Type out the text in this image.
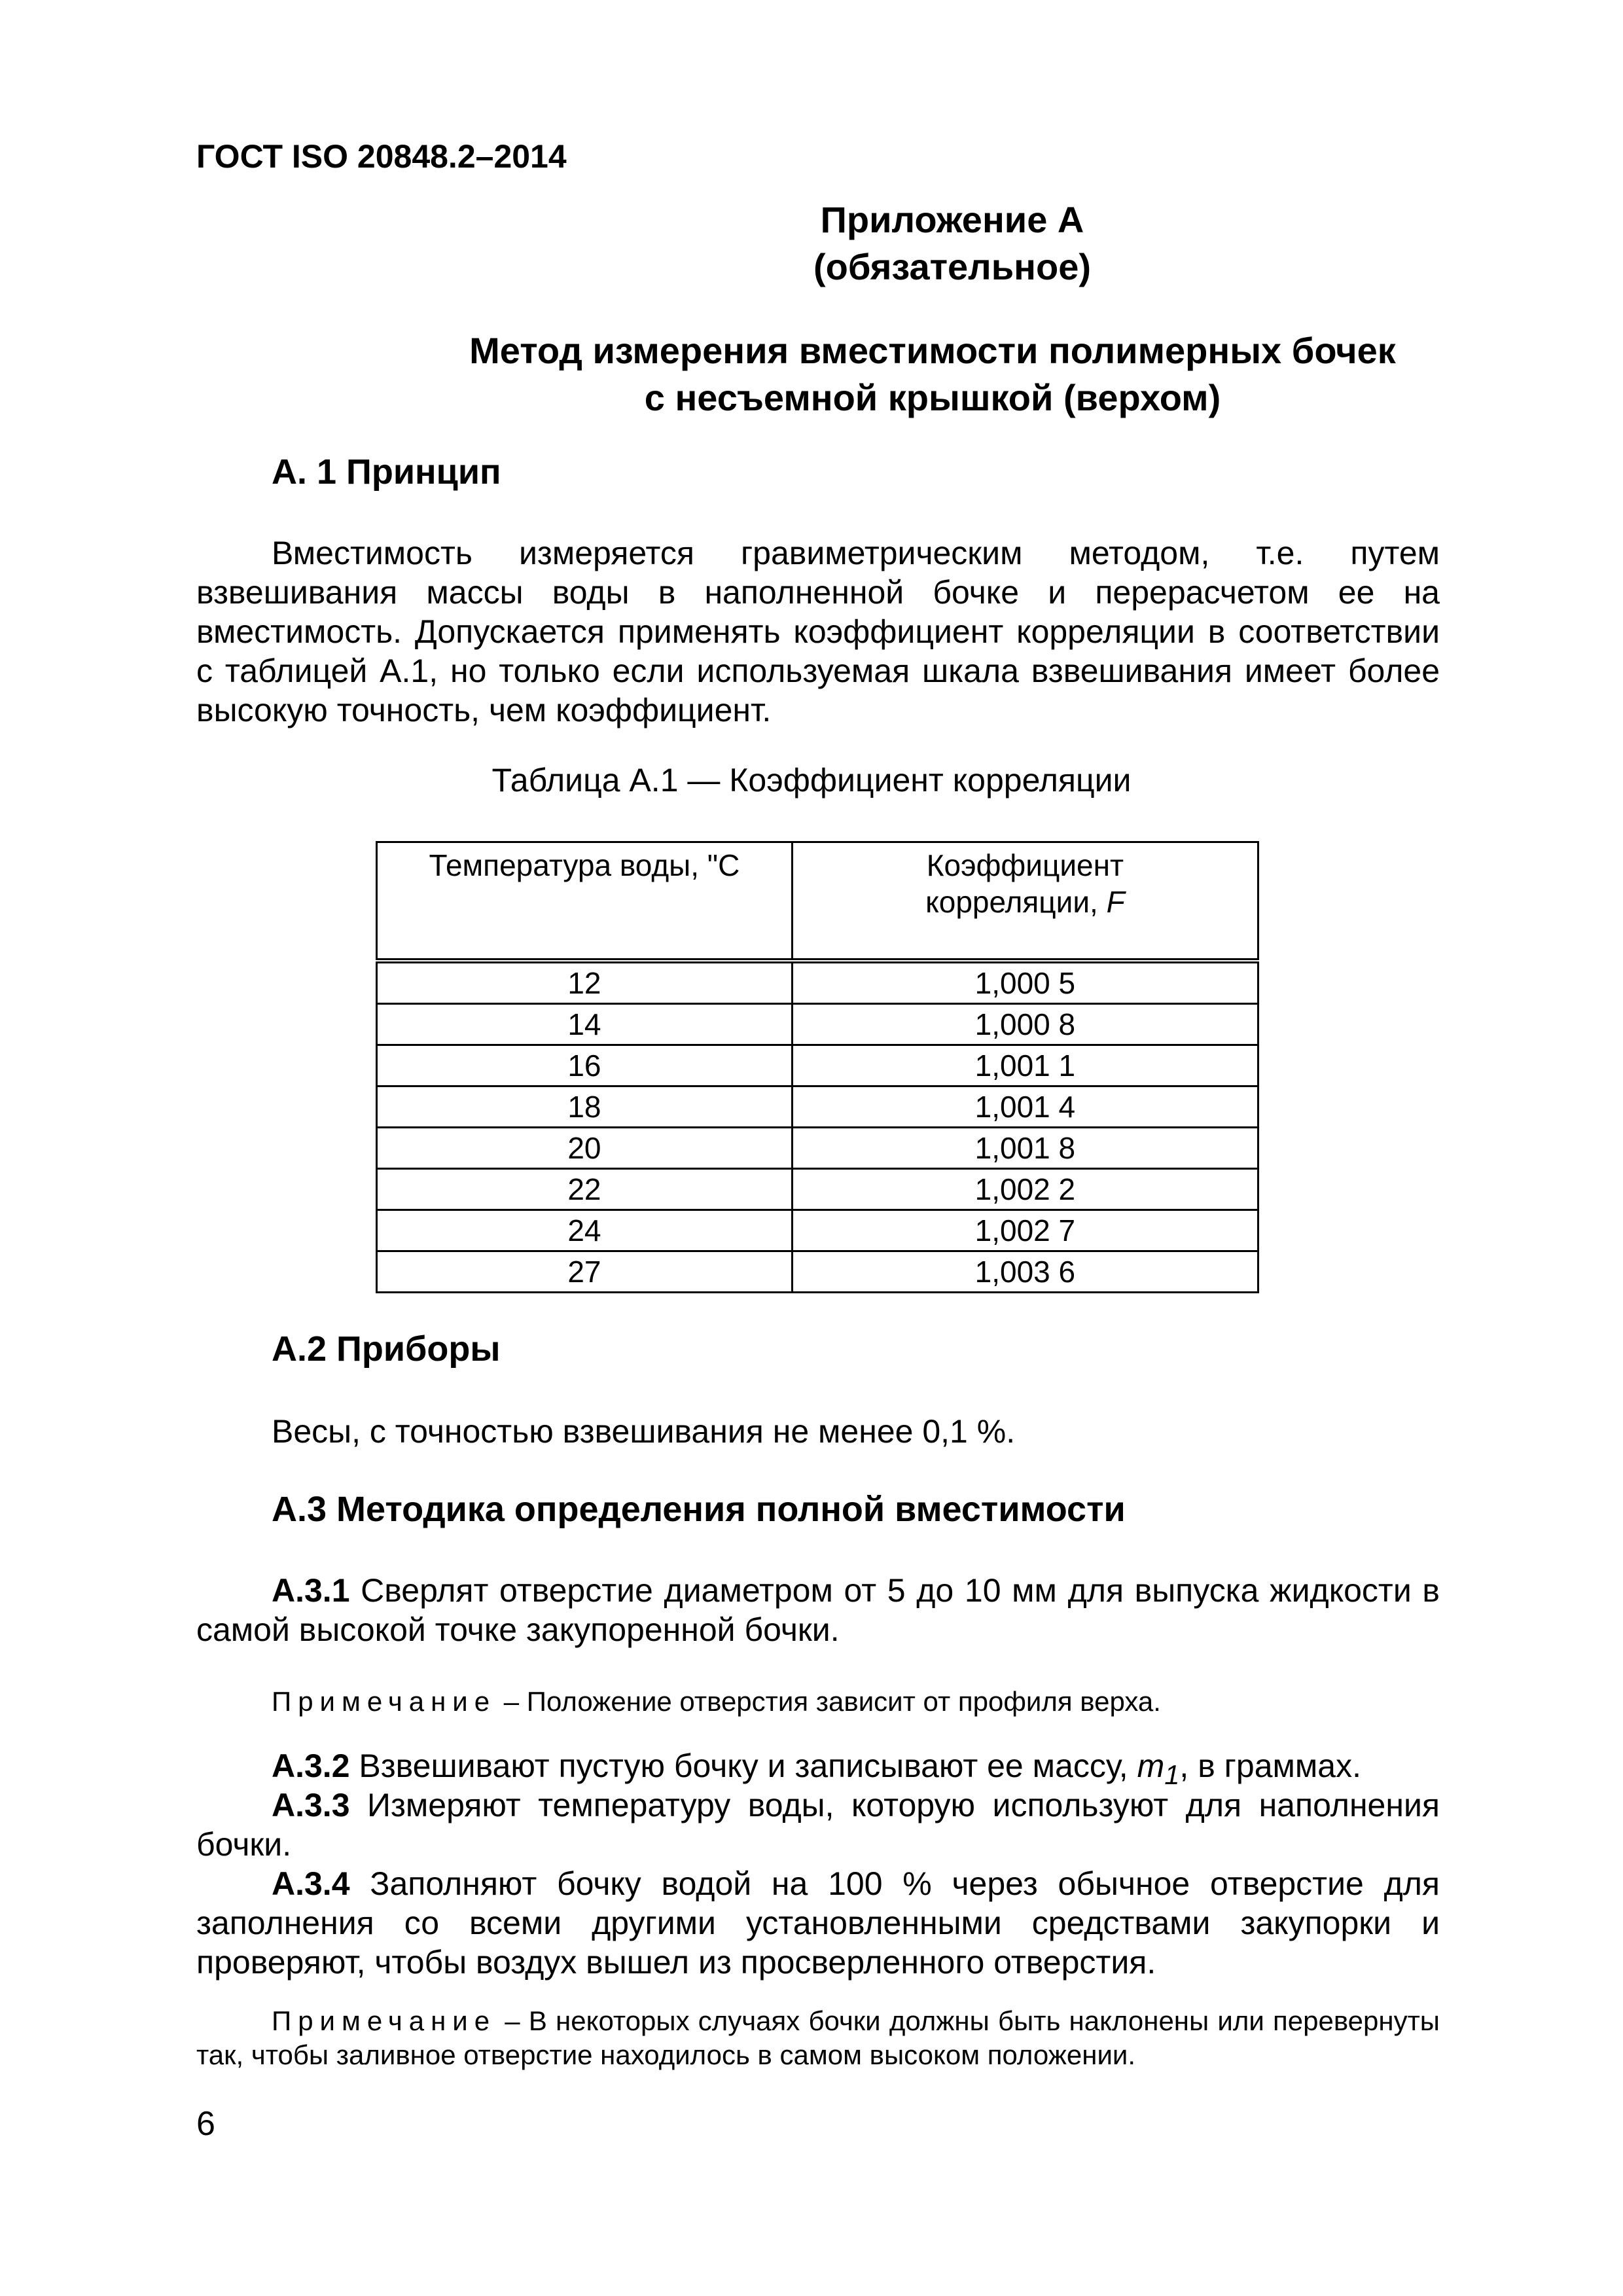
ГОСТ ISO 20848.2–2014
Приложение А
(обязательное)
Метод измерения вместимости полимерных бочек
с несъемной крышкой (верхом)
А. 1 Принцип
Вместимость измеряется гравиметрическим методом, т.е. путем взвешивания массы воды в наполненной бочке и перерасчетом ее на вместимость. Допускается применять коэффициент корреляции в соответствии с таблицей А.1, но только если используемая шкала взвешивания имеет более высокую точность, чем коэффициент.
Таблица А.1 — Коэффициент корреляции
Температура воды, "С	Коэффициент
корреляции, F

12	1,000 5
14	1,000 8
16	1,001 1
18	1,001 4
20	1,001 8
22	1,002 2
24	1,002 7
27	1,003 6
А.2 Приборы
Весы, с точностью взвешивания не менее 0,1 %.
А.3 Методика определения полной вместимости
А.3.1 Сверлят отверстие диаметром от 5 до 10 мм для выпуска жидкости в самой высокой точке закупоренной бочки.
Примечание – Положение отверстия зависит от профиля верха.
А.3.2 Взвешивают пустую бочку и записывают ее массу, $m_1$, в граммах.
А.3.3 Измеряют температуру воды, которую используют для наполнения бочки.
А.3.4 Заполняют бочку водой на 100 % через обычное отверстие для заполнения со всеми другими установленными средствами закупорки и проверяют, чтобы воздух вышел из просверленного отверстия.
Примечание – В некоторых случаях бочки должны быть наклонены или перевернуты так, чтобы заливное отверстие находилось в самом высоком положении.
6
